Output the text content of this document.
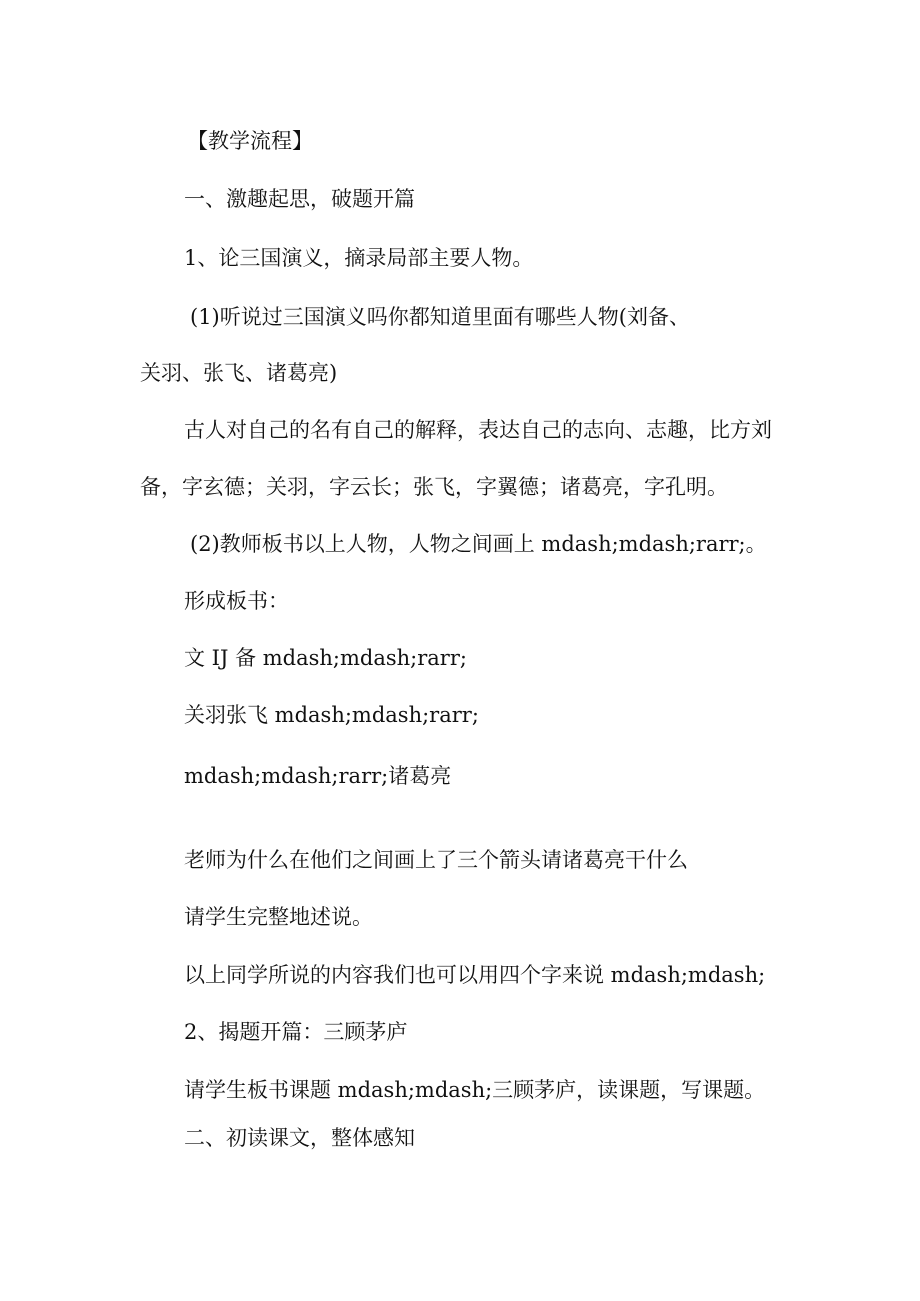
【教学流程】

一、激趣起思，破题开篇

1、论三国演义，摘录局部主要人物。

(1)听说过三国演义吗你都知道里面有哪些人物(刘备、

关羽、张飞、诸葛亮)

古人对自己的名有自己的解释，表达自己的志向、志趣，比方刘

备，字玄德；关羽，字云长；张飞，字翼德；诸葛亮，字孔明。

(2)教师板书以上人物，人物之间画上 mdash;mdash;rarr;。

形成板书：

文 IJ 备 mdash;mdash;rarr;

关羽张飞 mdash;mdash;rarr;

mdash;mdash;rarr;诸葛亮

老师为什么在他们之间画上了三个箭头请诸葛亮干什么

请学生完整地述说。

以上同学所说的内容我们也可以用四个字来说 mdash;mdash;

2、揭题开篇：三顾茅庐

请学生板书课题 mdash;mdash;三顾茅庐，读课题，写课题。

二、初读课文，整体感知
